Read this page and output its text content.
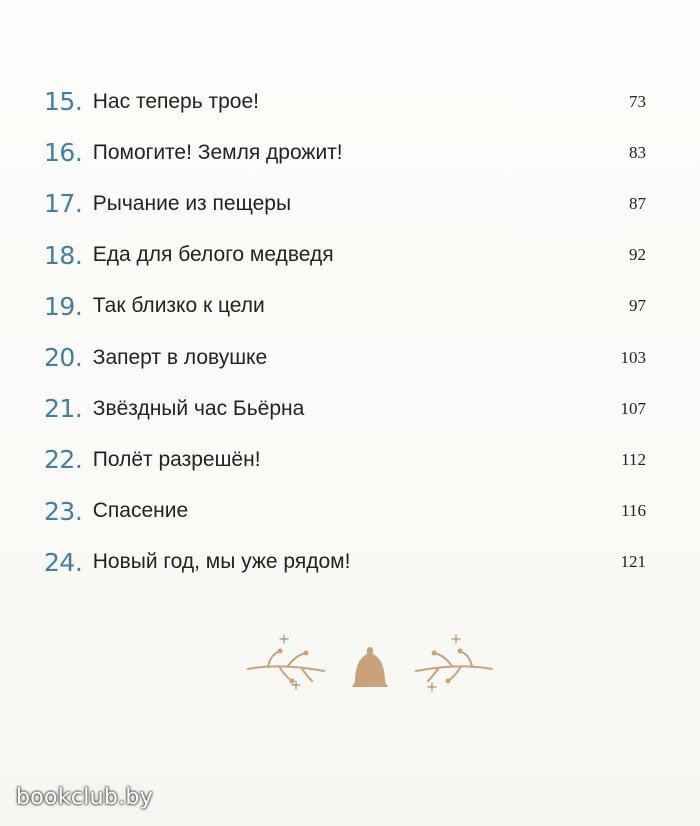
15 . Нас теперь трое!	73
16 . Помогите! Земля дрожит!	83
17 . Рычание из пещеры	87
18 . Еда для белого медведя	92
19 . Так близко к цели	97
20 . Заперт в ловушке	103
21 . Звёздный час Бьёрна	107
22 . Полёт разрешён!	112
23 . Спасение	116
24 . Новый год, мы уже рядом!	121
bookclub.by
